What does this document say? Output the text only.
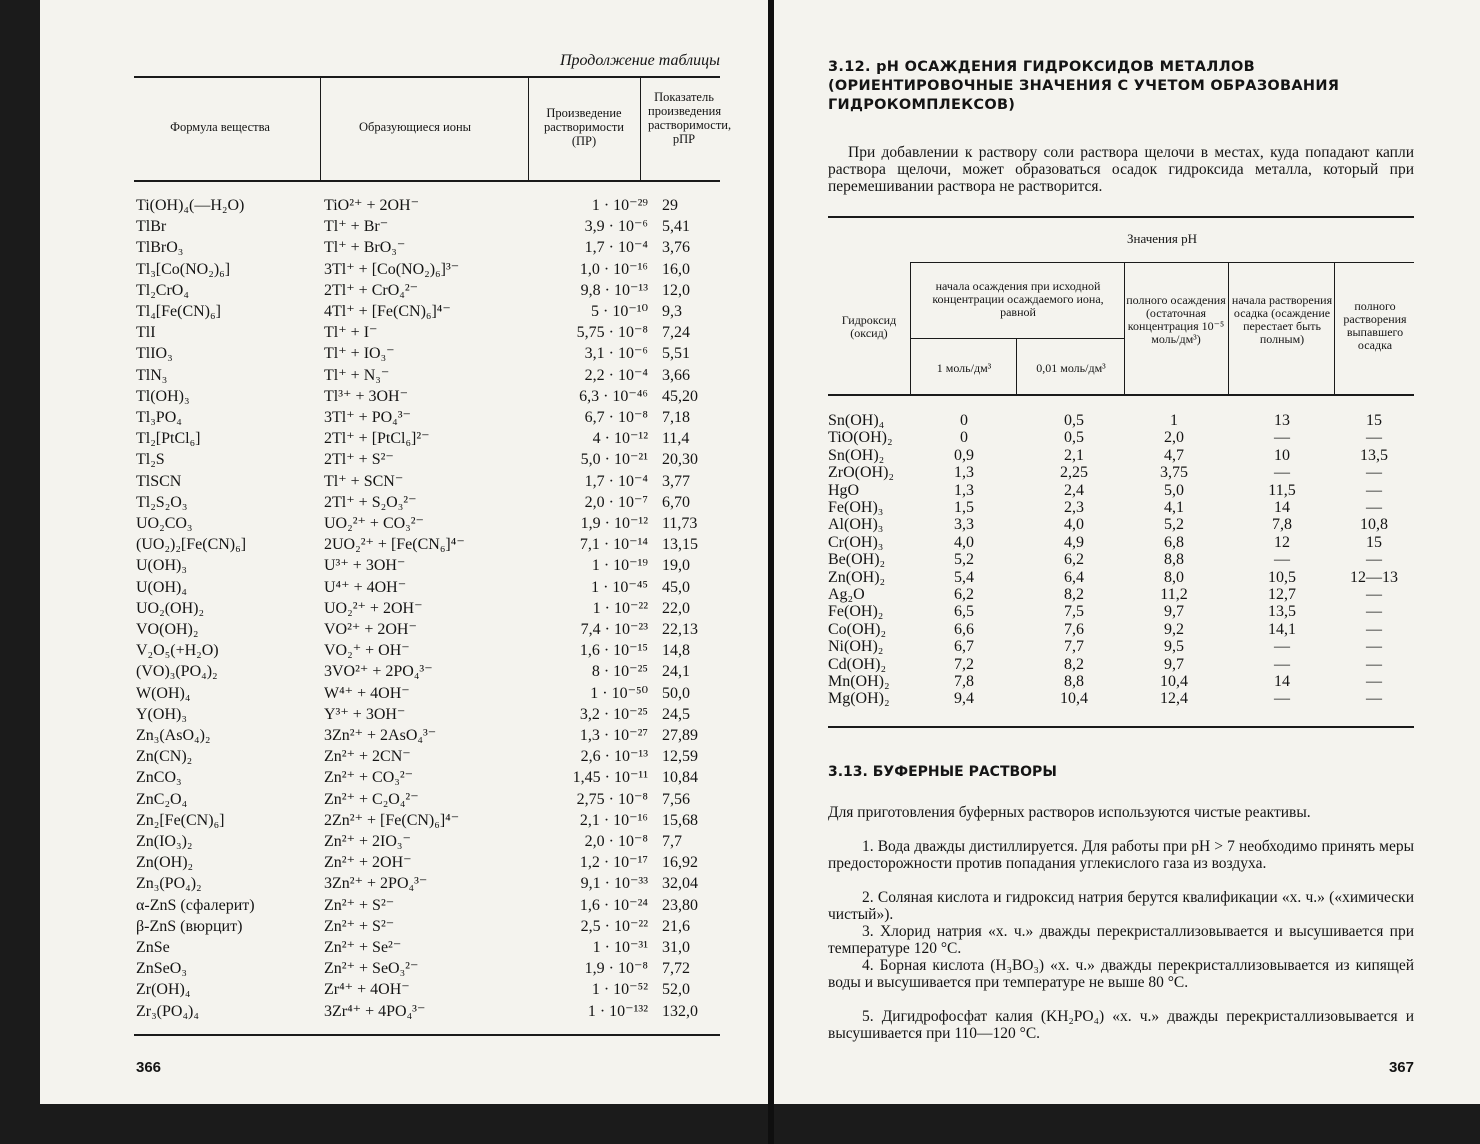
Продолжение таблицы
Формула вещества	Образующиеся ионы
Произведение растворимости (ПР)
Показатель произведения растворимости, рПР
Ti(OH)₄(—H₂O)	TiO²⁺ + 2OH⁻	1 · 10⁻²⁹ 29
TlBr	Tl⁺ + Br⁻	3,9 · 10⁻⁶ 5,41
TlBrO₃	Tl⁺ + BrO₃⁻	1,7 · 10⁻⁴ 3,76
Tl₃[Co(NO₂)₆]	3Tl⁺ + [Co(NO₂)₆]³⁻	1,0 · 10⁻¹⁶ 16,0
Tl₂CrO₄	2Tl⁺ + CrO₄²⁻	9,8 · 10⁻¹³ 12,0
Tl₄[Fe(CN)₆]	4Tl⁺ + [Fe(CN)₆]⁴⁻	5 · 10⁻¹⁰ 9,3
TlI	Tl⁺ + I⁻	5,75 · 10⁻⁸ 7,24
TlIO₃	Tl⁺ + IO₃⁻	3,1 · 10⁻⁶ 5,51
TlN₃	Tl⁺ + N₃⁻	2,2 · 10⁻⁴ 3,66
Tl(OH)₃	Tl³⁺ + 3OH⁻	6,3 · 10⁻⁴⁶ 45,20
Tl₃PO₄	3Tl⁺ + PO₄³⁻	6,7 · 10⁻⁸ 7,18
Tl₂[PtCl₆]	2Tl⁺ + [PtCl₆]²⁻	4 · 10⁻¹² 11,4
Tl₂S	2Tl⁺ + S²⁻	5,0 · 10⁻²¹ 20,30
TlSCN	Tl⁺ + SCN⁻	1,7 · 10⁻⁴ 3,77
Tl₂S₂O₃	2Tl⁺ + S₂O₃²⁻	2,0 · 10⁻⁷ 6,70
UO₂CO₃	UO₂²⁺ + CO₃²⁻	1,9 · 10⁻¹² 11,73
(UO₂)₂[Fe(CN)₆]	2UO₂²⁺ + [Fe(CN₆]⁴⁻	7,1 · 10⁻¹⁴ 13,15
U(OH)₃	U³⁺ + 3OH⁻	1 · 10⁻¹⁹ 19,0
U(OH)₄	U⁴⁺ + 4OH⁻	1 · 10⁻⁴⁵ 45,0
UO₂(OH)₂	UO₂²⁺ + 2OH⁻	1 · 10⁻²² 22,0
VO(OH)₂	VO²⁺ + 2OH⁻	7,4 · 10⁻²³ 22,13
V₂O₅(+H₂O)	VO₂⁺ + OH⁻	1,6 · 10⁻¹⁵ 14,8
(VO)₃(PO₄)₂	3VO²⁺ + 2PO₄³⁻	8 · 10⁻²⁵ 24,1
W(OH)₄	W⁴⁺ + 4OH⁻	1 · 10⁻⁵⁰ 50,0
Y(OH)₃	Y³⁺ + 3OH⁻	3,2 · 10⁻²⁵ 24,5
Zn₃(AsO₄)₂	3Zn²⁺ + 2AsO₄³⁻	1,3 · 10⁻²⁷ 27,89
Zn(CN)₂	Zn²⁺ + 2CN⁻	2,6 · 10⁻¹³ 12,59
ZnCO₃	Zn²⁺ + CO₃²⁻	1,45 · 10⁻¹¹ 10,84
ZnC₂O₄	Zn²⁺ + C₂O₄²⁻	2,75 · 10⁻⁸ 7,56
Zn₂[Fe(CN)₆]	2Zn²⁺ + [Fe(CN)₆]⁴⁻	2,1 · 10⁻¹⁶ 15,68
Zn(IO₃)₂	Zn²⁺ + 2IO₃⁻	2,0 · 10⁻⁸ 7,7
Zn(OH)₂	Zn²⁺ + 2OH⁻	1,2 · 10⁻¹⁷ 16,92
Zn₃(PO₄)₂	3Zn²⁺ + 2PO₄³⁻	9,1 · 10⁻³³ 32,04
α-ZnS (сфалерит)	Zn²⁺ + S²⁻	1,6 · 10⁻²⁴ 23,80
β-ZnS (вюрцит)	Zn²⁺ + S²⁻	2,5 · 10⁻²² 21,6
ZnSe	Zn²⁺ + Se²⁻	1 · 10⁻³¹ 31,0
ZnSeO₃	Zn²⁺ + SeO₃²⁻	1,9 · 10⁻⁸ 7,72
Zr(OH)₄	Zr⁴⁺ + 4OH⁻	1 · 10⁻⁵² 52,0
Zr₃(PO₄)₄	3Zr⁴⁺ + 4PO₄³⁻	1 · 10⁻¹³² 132,0
366
3.12. pH ОСАЖДЕНИЯ ГИДРОКСИДОВ МЕТАЛЛОВ (ОРИЕНТИРОВОЧНЫЕ ЗНАЧЕНИЯ С УЧЕТОМ ОБРАЗОВАНИЯ ГИДРОКОМПЛЕКСОВ)
При добавлении к раствору соли раствора щелочи в местах, куда попадают капли раствора щелочи, может образоваться осадок гидроксида металла, который при перемешивании раствора не растворится.
Значения pH
Гидроксид (оксид)
начала осаждения при исходной концентрации осаждаемого иона, равной
1 моль/дм³	0,01 моль/дм³
полного осаждения (остаточная концентрация 10⁻⁵ моль/дм³)
начала растворения осадка (осаждение перестает быть полным)
полного растворения выпавшего осадка
Sn(OH)₄	0	0,5	1	13	15
TiO(OH)₂	0	0,5	2,0	—	—
Sn(OH)₂	0,9	2,1	4,7	10	13,5
ZrO(OH)₂	1,3	2,25	3,75	—	—
HgO	1,3	2,4	5,0	11,5	—
Fe(OH)₃	1,5	2,3	4,1	14	—
Al(OH)₃	3,3	4,0	5,2	7,8	10,8
Cr(OH)₃	4,0	4,9	6,8	12	15
Be(OH)₂	5,2	6,2	8,8	—	—
Zn(OH)₂	5,4	6,4	8,0	10,5	12—13
Ag₂O	6,2	8,2	11,2	12,7	—
Fe(OH)₂	6,5	7,5	9,7	13,5	—
Co(OH)₂	6,6	7,6	9,2	14,1	—
Ni(OH)₂	6,7	7,7	9,5	—	—
Cd(OH)₂	7,2	8,2	9,7	—	—
Mn(OH)₂	7,8	8,8	10,4	14	—
Mg(OH)₂	9,4	10,4	12,4	—	—
3.13. БУФЕРНЫЕ РАСТВОРЫ
Для приготовления буферных растворов используются чистые реактивы.
1. Вода дважды дистиллируется. Для работы при pH > 7 необходимо принять меры предосторожности против попадания углекислого газа из воздуха.
2. Соляная кислота и гидроксид натрия берутся квалификации «х. ч.» («химически чистый»).
3. Хлорид натрия «х. ч.» дважды перекристаллизовывается и высушивается при температуре 120 °С.
4. Борная кислота (H₃BO₃) «х. ч.» дважды перекристаллизовывается из кипящей воды и высушивается при температуре не выше 80 °С.
5. Дигидрофосфат калия (KH₂PO₄) «х. ч.» дважды перекристаллизовывается и высушивается при 110—120 °С.
367
